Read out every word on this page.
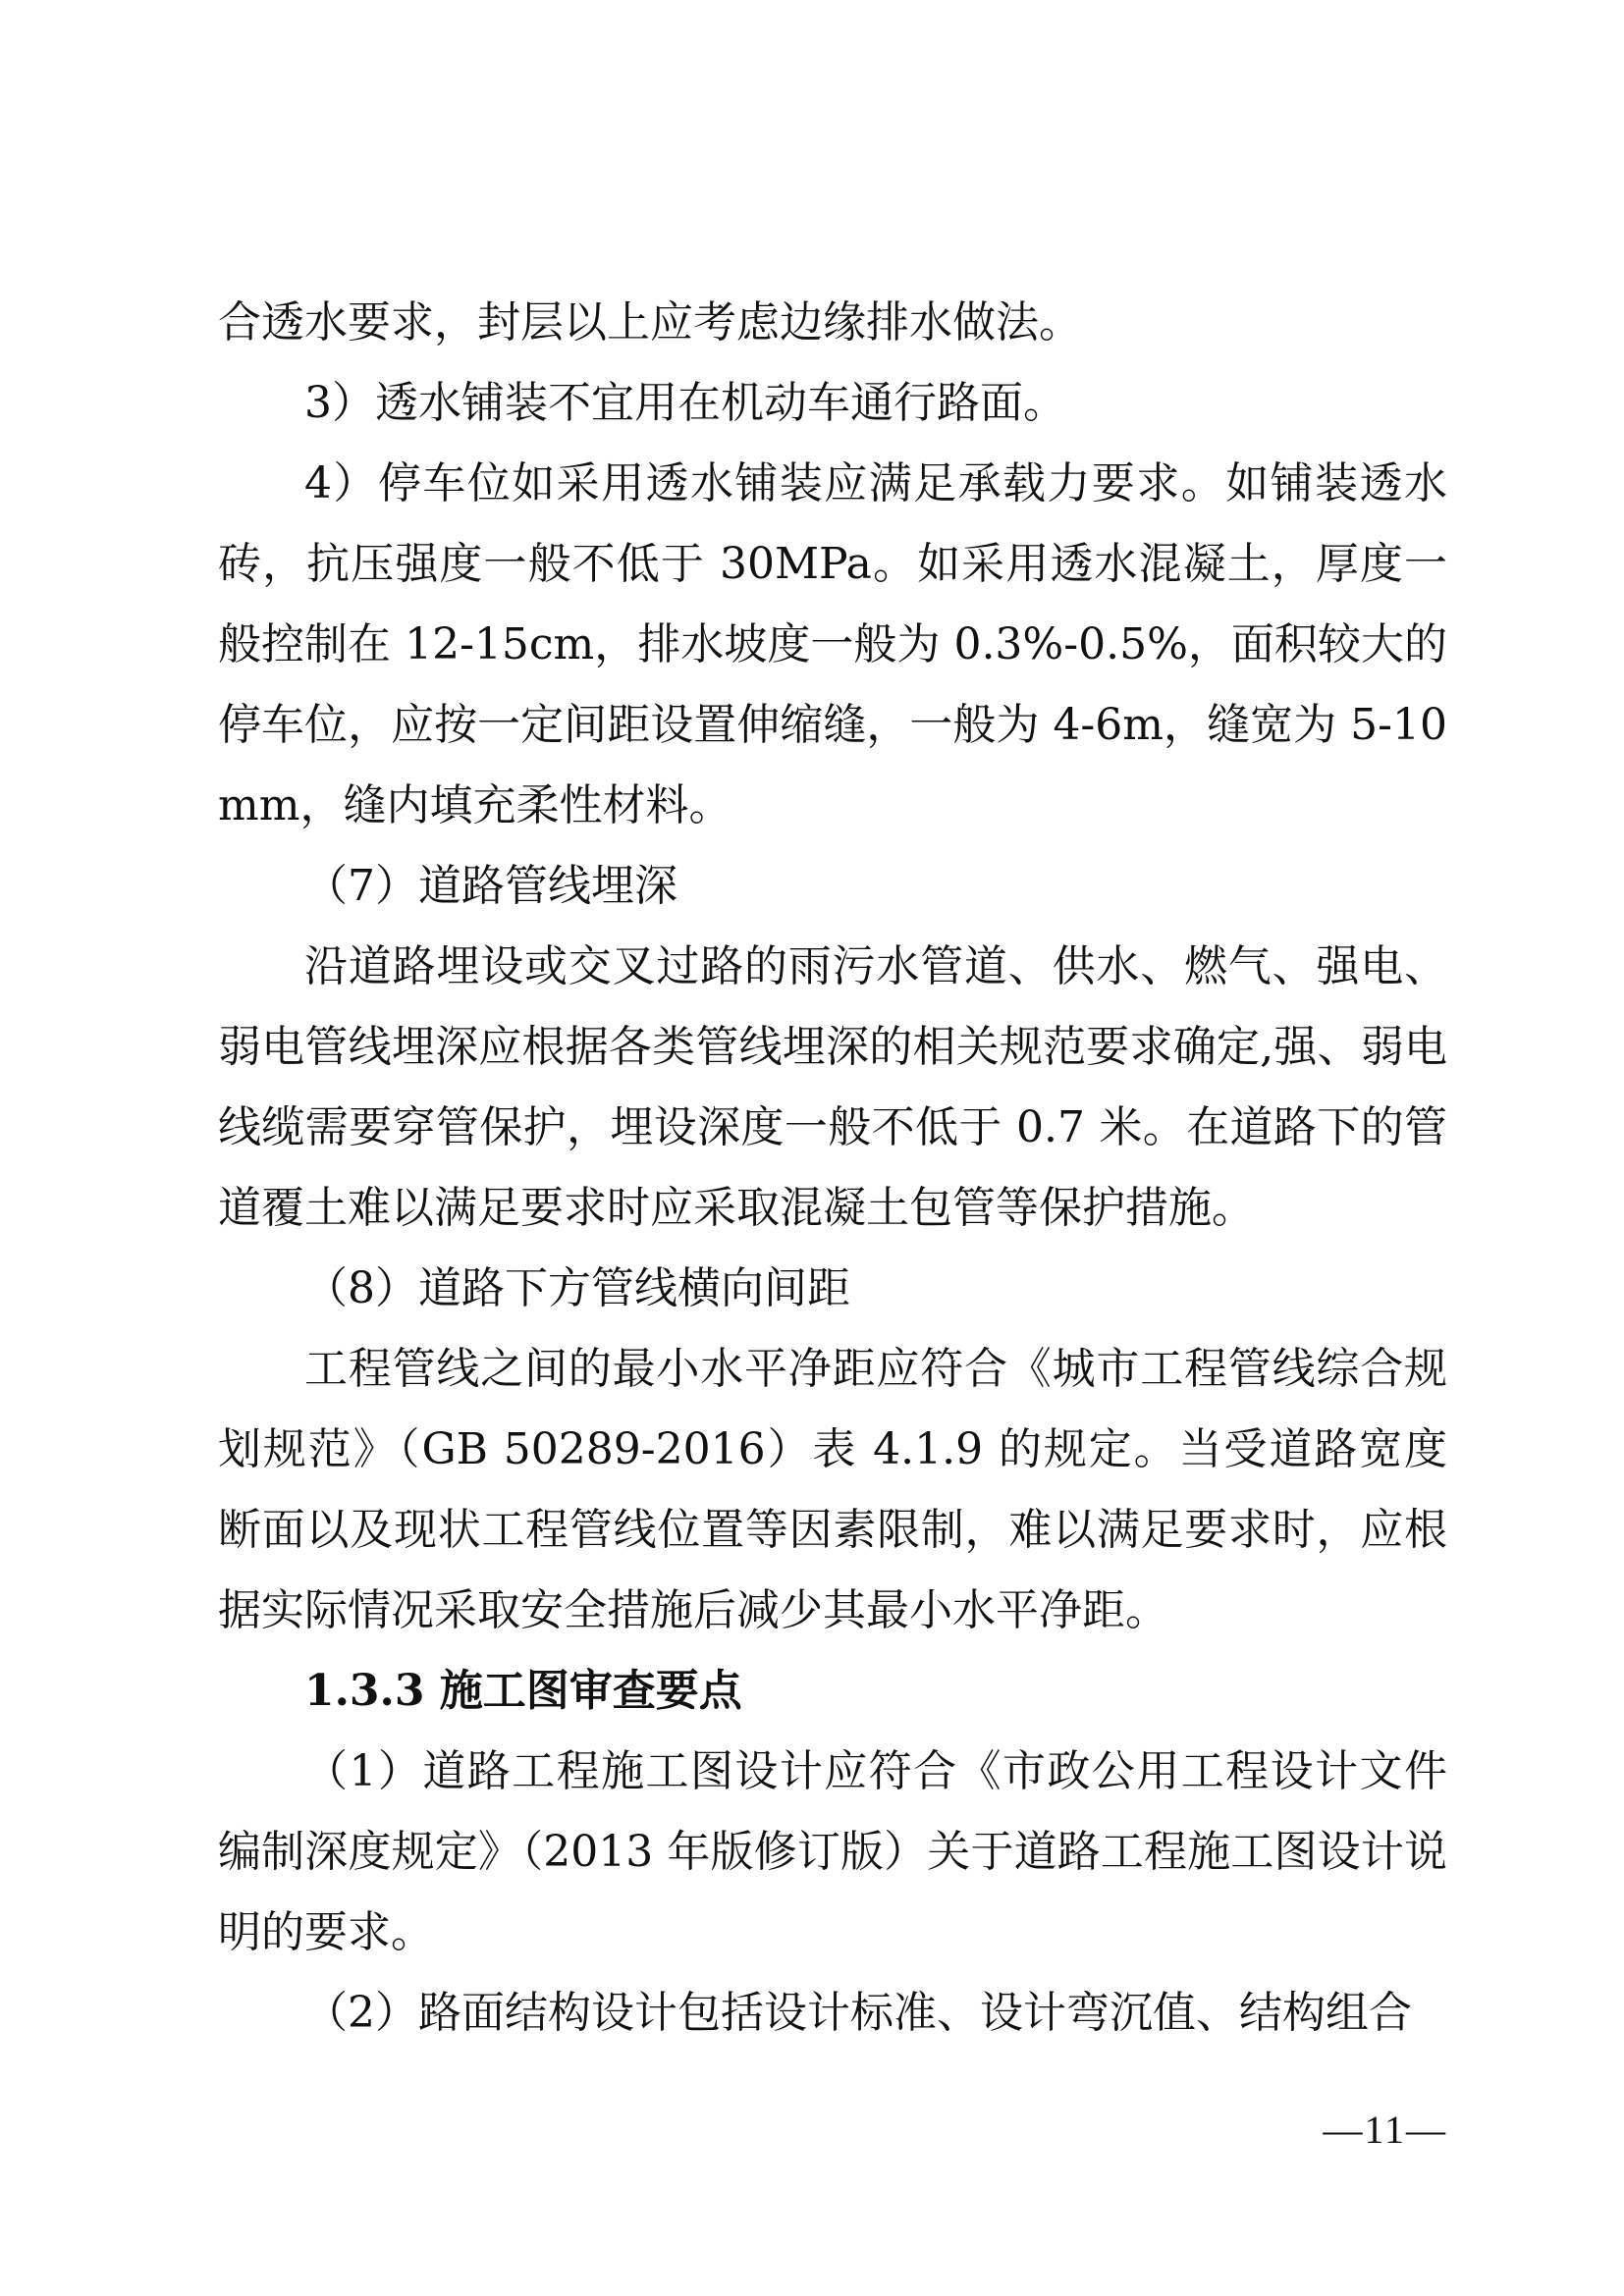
合透水要求，封层以上应考虑边缘排水做法。

3）透水铺装不宜用在机动车通行路面。

4）停车位如采用透水铺装应满足承载力要求。如铺装透水砖，抗压强度一般不低于 30MPa。如采用透水混凝土，厚度一般控制在 12-15cm，排水坡度一般为 0.3%-0.5%，面积较大的停车位，应按一定间距设置伸缩缝，一般为 4-6m，缝宽为 5-10mm，缝内填充柔性材料。

（7）道路管线埋深

沿道路埋设或交叉过路的雨污水管道、供水、燃气、强电、弱电管线埋深应根据各类管线埋深的相关规范要求确定,强、弱电线缆需要穿管保护，埋设深度一般不低于 0.7 米。在道路下的管道覆土难以满足要求时应采取混凝土包管等保护措施。

（8）道路下方管线横向间距

工程管线之间的最小水平净距应符合《城市工程管线综合规划规范》（GB 50289-2016）表 4.1.9 的规定。当受道路宽度断面以及现状工程管线位置等因素限制，难以满足要求时，应根据实际情况采取安全措施后减少其最小水平净距。

1.3.3 施工图审查要点

（1）道路工程施工图设计应符合《市政公用工程设计文件编制深度规定》（2013 年版修订版）关于道路工程施工图设计说明的要求。

（2）路面结构设计包括设计标准、设计弯沉值、结构组合

—11—
